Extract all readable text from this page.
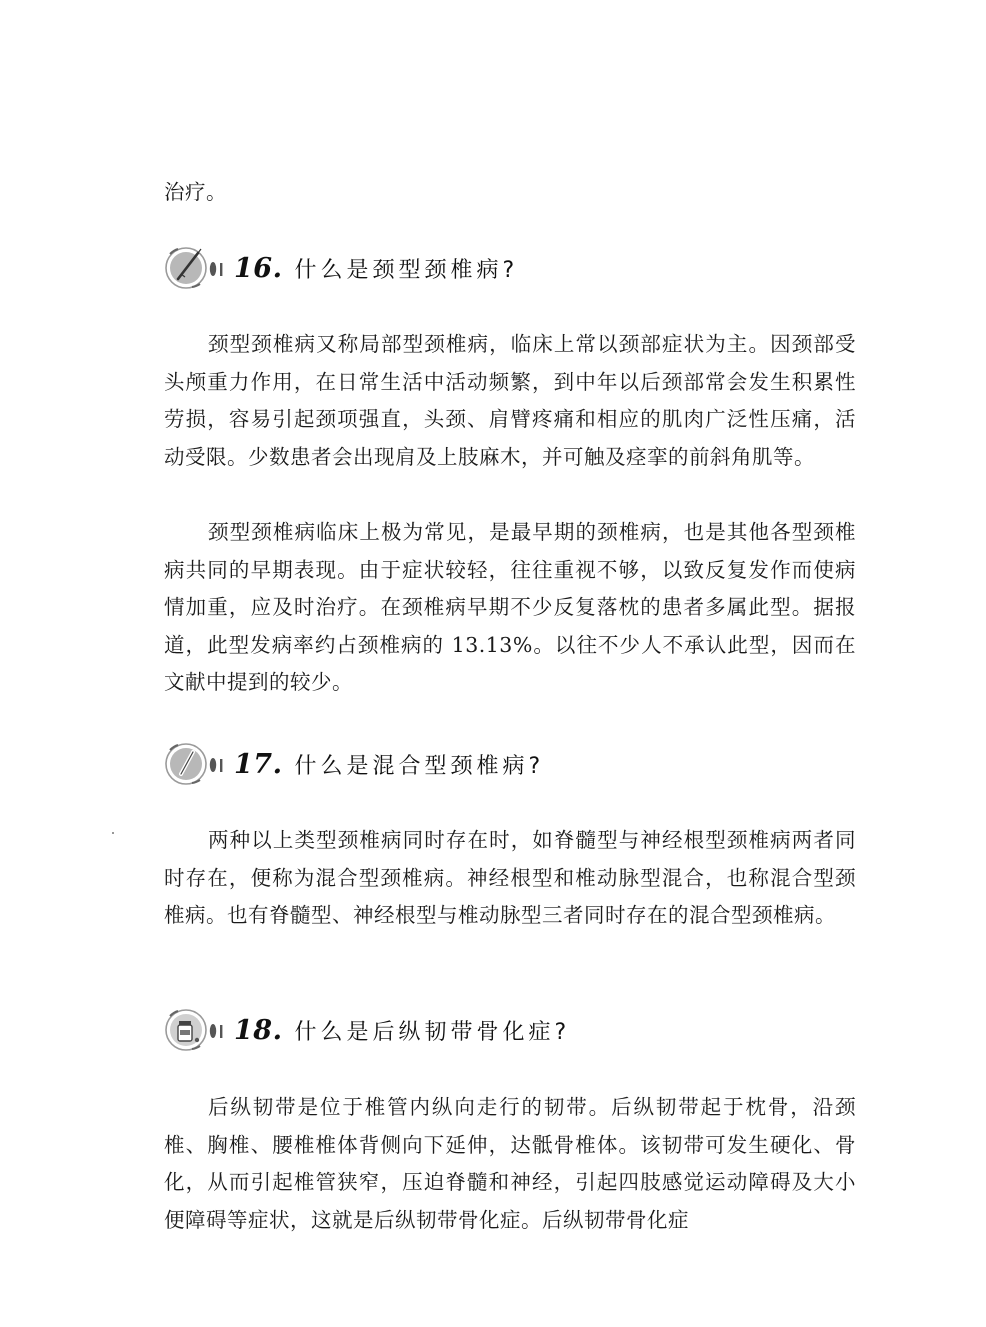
治疗。

16. 什么是颈型颈椎病?

颈型颈椎病又称局部型颈椎病，临床上常以颈部症状为主。因颈部受头颅重力作用，在日常生活中活动频繁，到中年以后颈部常会发生积累性劳损，容易引起颈项强直，头颈、肩臂疼痛和相应的肌肉广泛性压痛，活动受限。少数患者会出现肩及上肢麻木，并可触及痉挛的前斜角肌等。

颈型颈椎病临床上极为常见，是最早期的颈椎病，也是其他各型颈椎病共同的早期表现。由于症状较轻，往往重视不够，以致反复发作而使病情加重，应及时治疗。在颈椎病早期不少反复落枕的患者多属此型。据报道，此型发病率约占颈椎病的 13.13%。以往不少人不承认此型，因而在文献中提到的较少。

17. 什么是混合型颈椎病?

两种以上类型颈椎病同时存在时，如脊髓型与神经根型颈椎病两者同时存在，便称为混合型颈椎病。神经根型和椎动脉型混合，也称混合型颈椎病。也有脊髓型、神经根型与椎动脉型三者同时存在的混合型颈椎病。

18. 什么是后纵韧带骨化症?

后纵韧带是位于椎管内纵向走行的韧带。后纵韧带起于枕骨，沿颈椎、胸椎、腰椎椎体背侧向下延伸，达骶骨椎体。该韧带可发生硬化、骨化，从而引起椎管狭窄，压迫脊髓和神经，引起四肢感觉运动障碍及大小便障碍等症状，这就是后纵韧带骨化症。后纵韧带骨化症
